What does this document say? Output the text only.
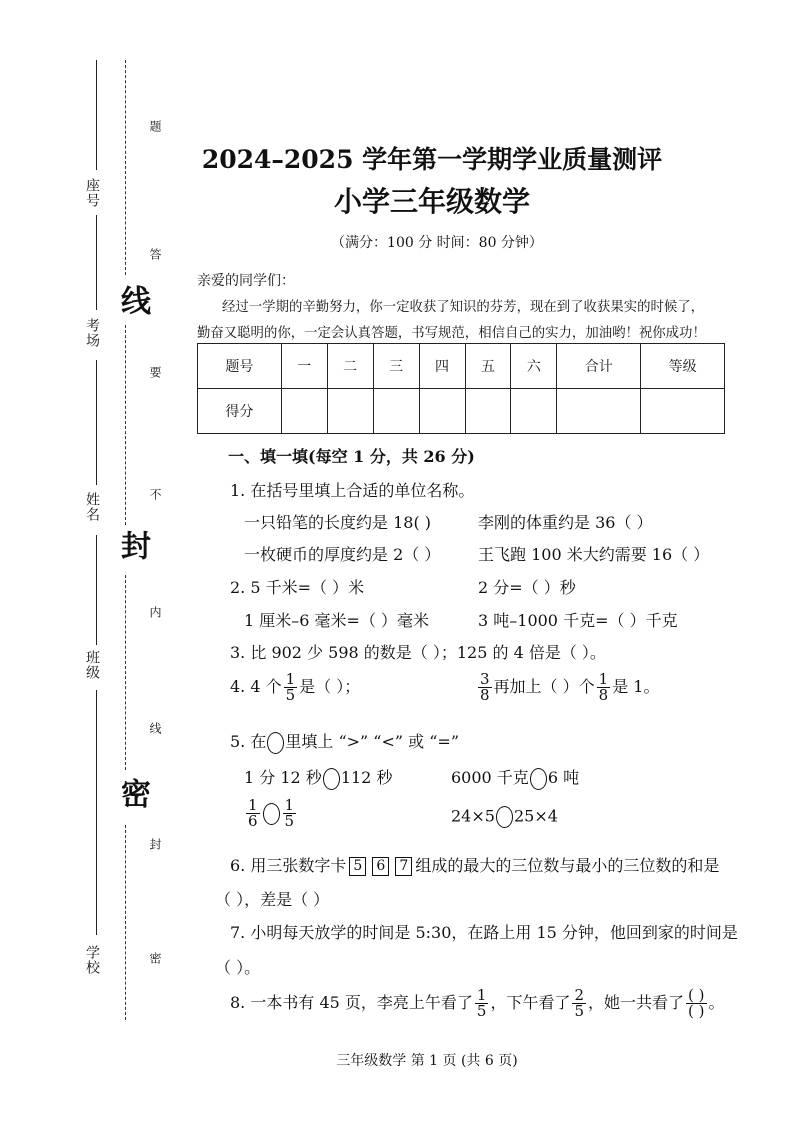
座号
考场
姓名
班级
学校
线
封
密
题
答
要
不
内
线
封
密
2024–2025 学年第一学期学业质量测评
小学三年级数学
（满分：100 分 时间：80 分钟）
亲爱的同学们：
经过一学期的辛勤努力，你一定收获了知识的芬芳，现在到了收获果实的时候了，
勤奋又聪明的你，一定会认真答题，书写规范，相信自己的实力，加油哟！祝你成功！
题号	一	二	三	四	五	六	合计	等级
得分								
一、填一填(每空 1 分，共 26 分)
1. 在括号里填上合适的单位名称。
一只铅笔的长度约是 18( )	李刚的体重约是 36（ ）
一枚硬币的厚度约是 2（ ） 王飞跑 100 米大约需要 16（ ）
2. 5 千米=（ ）米	2 分=（ ）秒
1 厘米–6 毫米=（ ）毫米	3 吨–1000 千克=（ ）千克
3. 比 902 少 598 的数是（ ）；125 的 4 倍是（ ）。
4. 4 个 $\frac{1}{5}$ 是（ ）；	$\frac{3}{8}$ 再加上（ ）个 $\frac{1}{8}$ 是 1。
5. 在 里填上 “>” “<” 或 “=”
1 分 12 秒 112 秒	6000 千克 6 吨
$\frac{1}{6} \frac{1}{5}$	24×5 25×4
6. 用三张数字卡 5 6 7 组成的最大的三位数与最小的三位数的和是
（ ），差是（ ）
7. 小明每天放学的时间是 5:30，在路上用 15 分钟，他回到家的时间是
（ ）。
8. 一本书有 45 页，李亮上午看了 $\frac{1}{5}$ ，下午看了 $\frac{2}{5}$ ，她一共看了 $\frac{( )}{( )}$ 。
三年级数学 第 1 页 (共 6 页)
